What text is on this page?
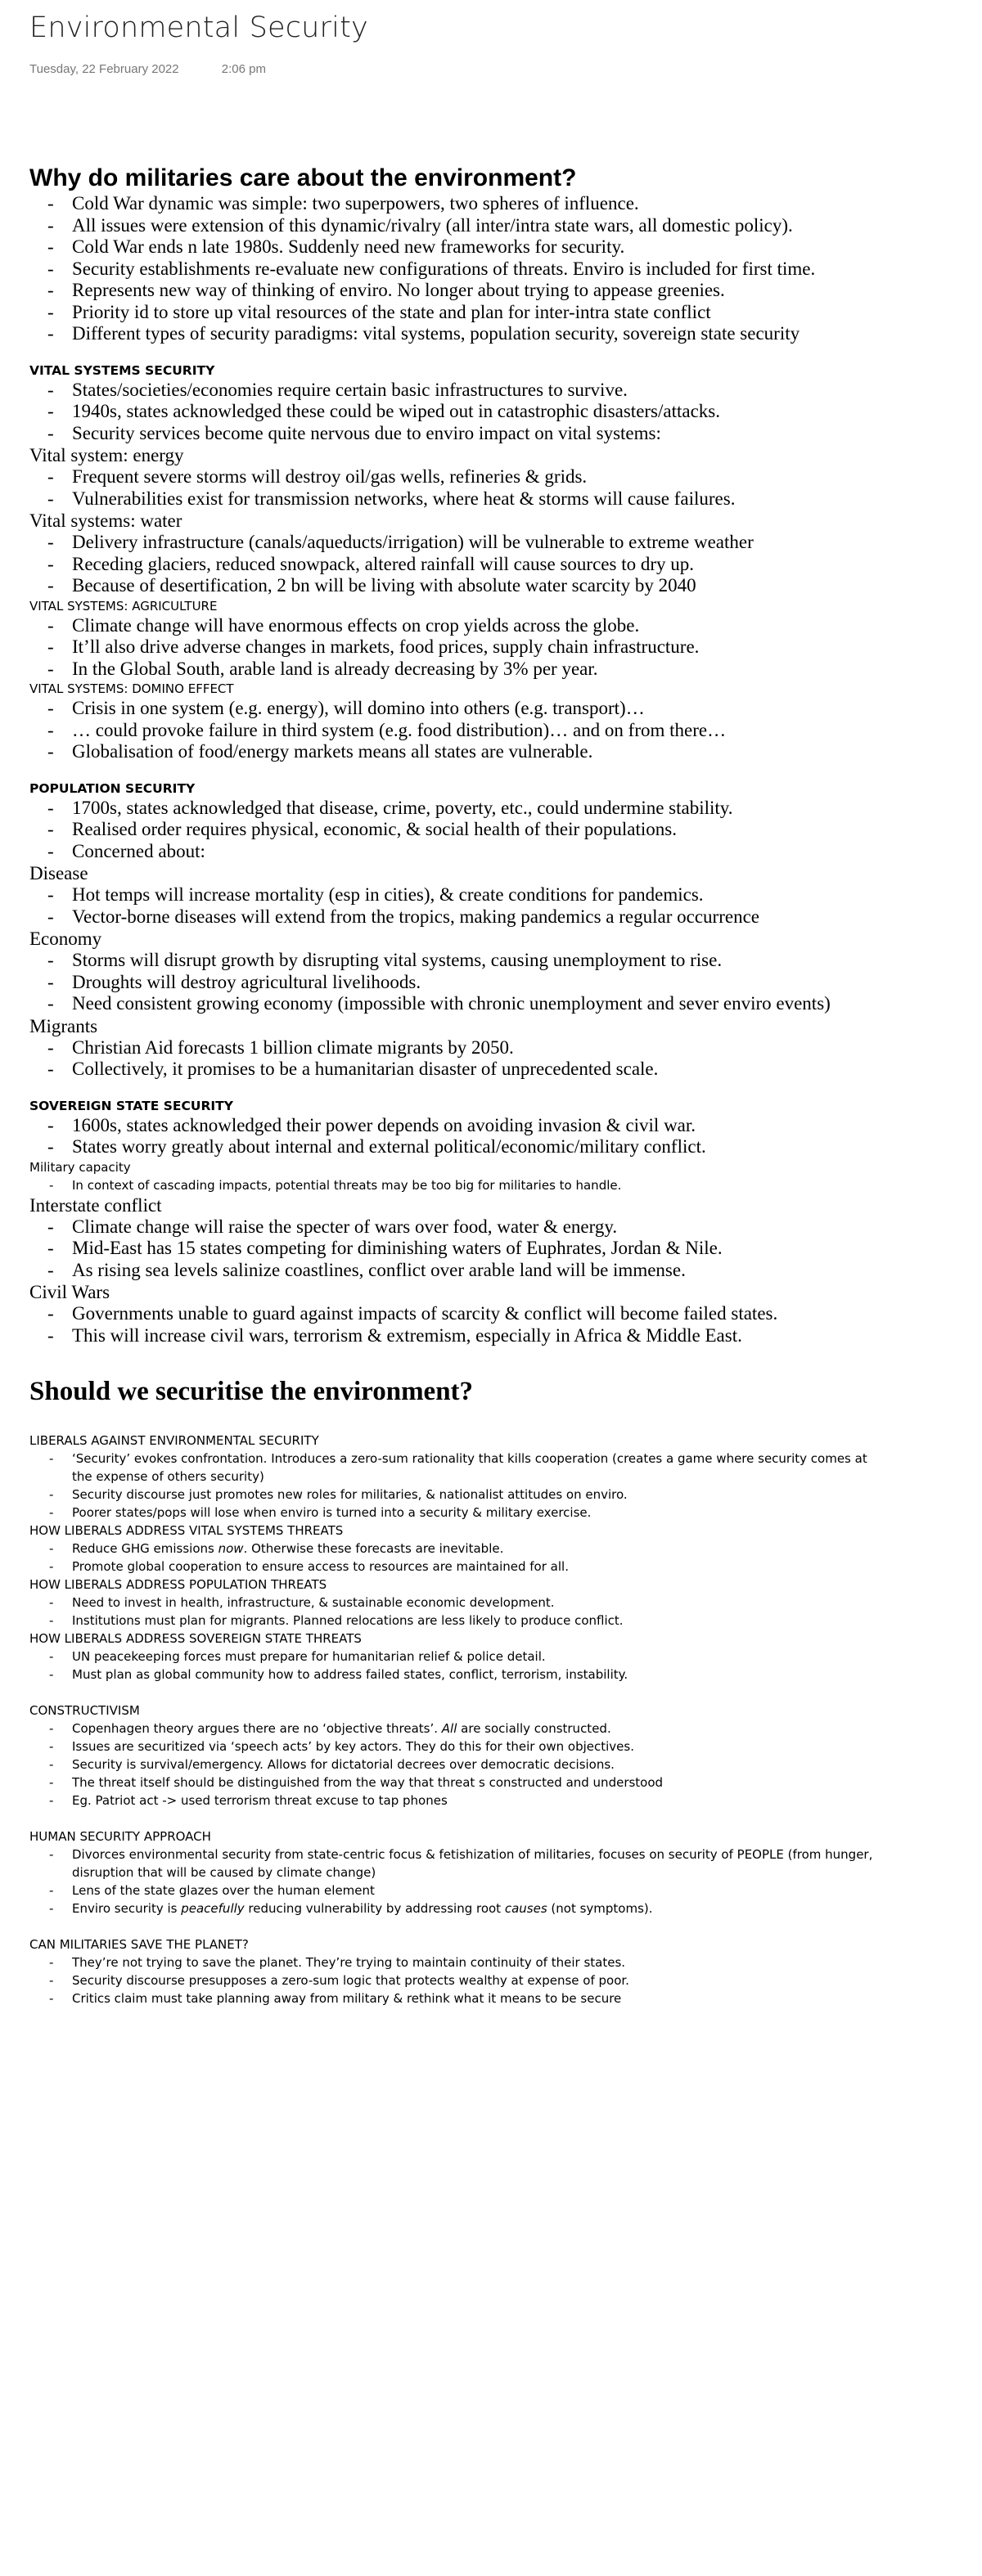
Environmental Security
Tuesday, 22 February 2022	2:06 pm
Why do militaries care about the environment?
- Cold War dynamic was simple: two superpowers, two spheres of influence.
- All issues were extension of this dynamic/rivalry (all inter/intra state wars, all domestic policy).
- Cold War ends n late 1980s. Suddenly need new frameworks for security.
- Security establishments re-evaluate new configurations of threats. Enviro is included for first time.
- Represents new way of thinking of enviro. No longer about trying to appease greenies.
- Priority id to store up vital resources of the state and plan for inter-intra state conflict
- Different types of security paradigms: vital systems, population security, sovereign state security
VITAL SYSTEMS SECURITY
- States/societies/economies require certain basic infrastructures to survive.
- 1940s, states acknowledged these could be wiped out in catastrophic disasters/attacks.
- Security services become quite nervous due to enviro impact on vital systems:
Vital system: energy
- Frequent severe storms will destroy oil/gas wells, refineries & grids.
- Vulnerabilities exist for transmission networks, where heat & storms will cause failures.
Vital systems: water
- Delivery infrastructure (canals/aqueducts/irrigation) will be vulnerable to extreme weather
- Receding glaciers, reduced snowpack, altered rainfall will cause sources to dry up.
- Because of desertification, 2 bn will be living with absolute water scarcity by 2040
VITAL SYSTEMS: AGRICULTURE
- Climate change will have enormous effects on crop yields across the globe.
- It’ll also drive adverse changes in markets, food prices, supply chain infrastructure.
- In the Global South, arable land is already decreasing by 3% per year.
VITAL SYSTEMS: DOMINO EFFECT
- Crisis in one system (e.g. energy), will domino into others (e.g. transport)…
- … could provoke failure in third system (e.g. food distribution)… and on from there…
- Globalisation of food/energy markets means all states are vulnerable.
POPULATION SECURITY
- 1700s, states acknowledged that disease, crime, poverty, etc., could undermine stability.
- Realised order requires physical, economic, & social health of their populations.
- Concerned about:
Disease
- Hot temps will increase mortality (esp in cities), & create conditions for pandemics.
- Vector-borne diseases will extend from the tropics, making pandemics a regular occurrence
Economy
- Storms will disrupt growth by disrupting vital systems, causing unemployment to rise.
- Droughts will destroy agricultural livelihoods.
- Need consistent growing economy (impossible with chronic unemployment and sever enviro events)
Migrants
- Christian Aid forecasts 1 billion climate migrants by 2050.
- Collectively, it promises to be a humanitarian disaster of unprecedented scale.
SOVEREIGN STATE SECURITY
- 1600s, states acknowledged their power depends on avoiding invasion & civil war.
- States worry greatly about internal and external political/economic/military conflict.
Military capacity
- In context of cascading impacts, potential threats may be too big for militaries to handle.
Interstate conflict
- Climate change will raise the specter of wars over food, water & energy.
- Mid-East has 15 states competing for diminishing waters of Euphrates, Jordan & Nile.
- As rising sea levels salinize coastlines, conflict over arable land will be immense.
Civil Wars
- Governments unable to guard against impacts of scarcity & conflict will become failed states.
- This will increase civil wars, terrorism & extremism, especially in Africa & Middle East.
Should we securitise the environment?
LIBERALS AGAINST ENVIRONMENTAL SECURITY
- ‘Security’ evokes confrontation. Introduces a zero-sum rationality that kills cooperation (creates a game where security comes at the expense of others security)
- Security discourse just promotes new roles for militaries, & nationalist attitudes on enviro.
- Poorer states/pops will lose when enviro is turned into a security & military exercise.
HOW LIBERALS ADDRESS VITAL SYSTEMS THREATS
- Reduce GHG emissions now. Otherwise these forecasts are inevitable.
- Promote global cooperation to ensure access to resources are maintained for all.
HOW LIBERALS ADDRESS POPULATION THREATS
- Need to invest in health, infrastructure, & sustainable economic development.
- Institutions must plan for migrants. Planned relocations are less likely to produce conflict.
HOW LIBERALS ADDRESS SOVEREIGN STATE THREATS
- UN peacekeeping forces must prepare for humanitarian relief & police detail.
- Must plan as global community how to address failed states, conflict, terrorism, instability.
CONSTRUCTIVISM
- Copenhagen theory argues there are no ‘objective threats’. All are socially constructed.
- Issues are securitized via ‘speech acts’ by key actors. They do this for their own objectives.
- Security is survival/emergency. Allows for dictatorial decrees over democratic decisions.
- The threat itself should be distinguished from the way that threat s constructed and understood
- Eg. Patriot act -> used terrorism threat excuse to tap phones
HUMAN SECURITY APPROACH
- Divorces environmental security from state-centric focus & fetishization of militaries, focuses on security of PEOPLE (from hunger, disruption that will be caused by climate change)
- Lens of the state glazes over the human element
- Enviro security is peacefully reducing vulnerability by addressing root causes (not symptoms).
CAN MILITARIES SAVE THE PLANET?
- They’re not trying to save the planet. They’re trying to maintain continuity of their states.
- Security discourse presupposes a zero-sum logic that protects wealthy at expense of poor.
- Critics claim must take planning away from military & rethink what it means to be secure
